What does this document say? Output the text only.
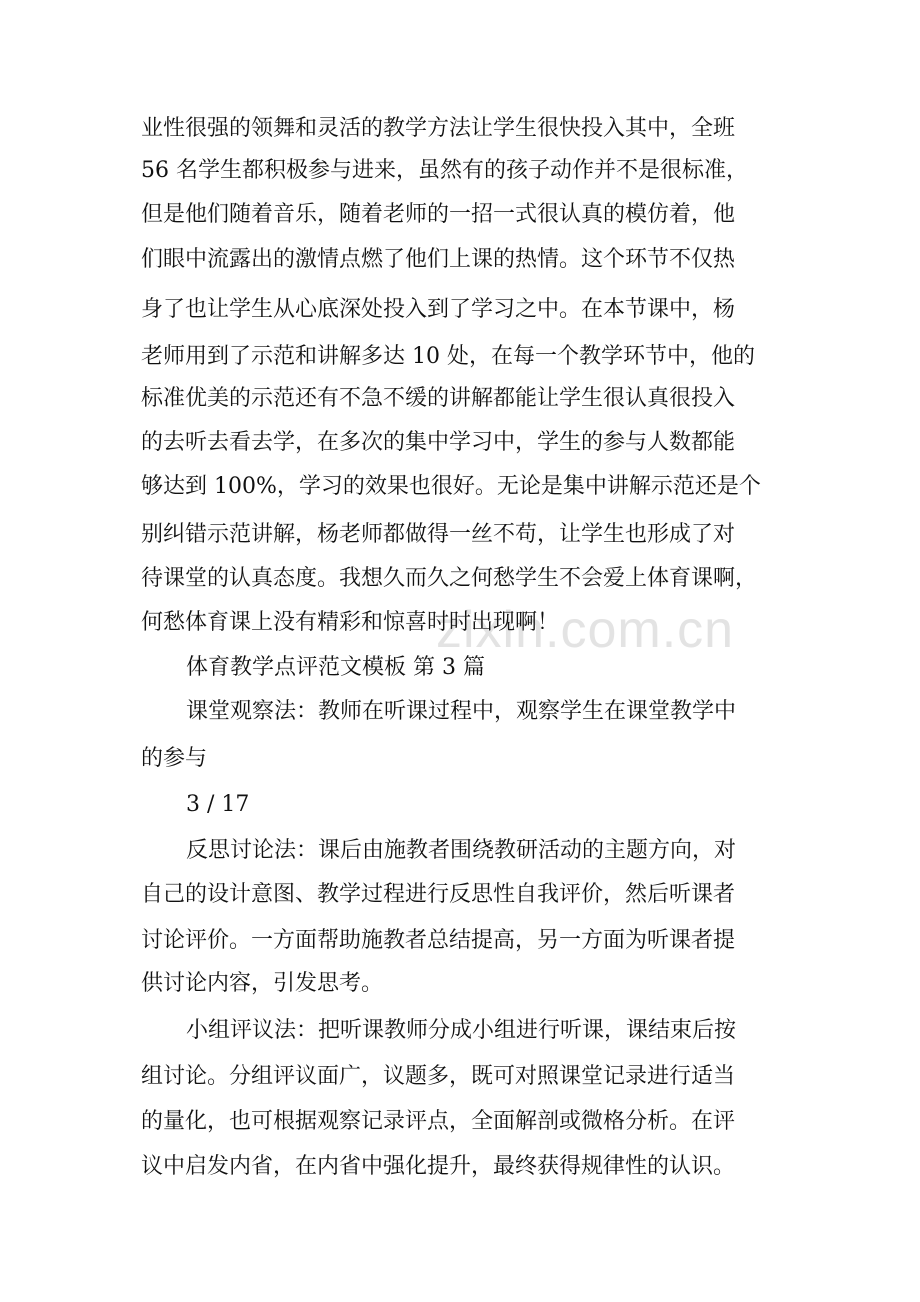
zixin.com.cn
业性很强的领舞和灵活的教学方法让学生很快投入其中，全班
56 名学生都积极参与进来，虽然有的孩子动作并不是很标准，
但是他们随着音乐，随着老师的一招一式很认真的模仿着，他
们眼中流露出的激情点燃了他们上课的热情。这个环节不仅热
身了也让学生从心底深处投入到了学习之中。在本节课中，杨
老师用到了示范和讲解多达 10 处，在每一个教学环节中，他的
标准优美的示范还有不急不缓的讲解都能让学生很认真很投入
的去听去看去学，在多次的集中学习中，学生的参与人数都能
够达到 100%，学习的效果也很好。无论是集中讲解示范还是个
别纠错示范讲解，杨老师都做得一丝不苟，让学生也形成了对
待课堂的认真态度。我想久而久之何愁学生不会爱上体育课啊，
何愁体育课上没有精彩和惊喜时时出现啊！
体育教学点评范文模板 第 3 篇
课堂观察法：教师在听课过程中，观察学生在课堂教学中
的参与
3 / 17
反思讨论法：课后由施教者围绕教研活动的主题方向，对
自己的设计意图、教学过程进行反思性自我评价，然后听课者
讨论评价。一方面帮助施教者总结提高，另一方面为听课者提
供讨论内容，引发思考。
小组评议法：把听课教师分成小组进行听课，课结束后按
组讨论。分组评议面广，议题多，既可对照课堂记录进行适当
的量化，也可根据观察记录评点，全面解剖或微格分析。在评
议中启发内省，在内省中强化提升，最终获得规律性的认识。
